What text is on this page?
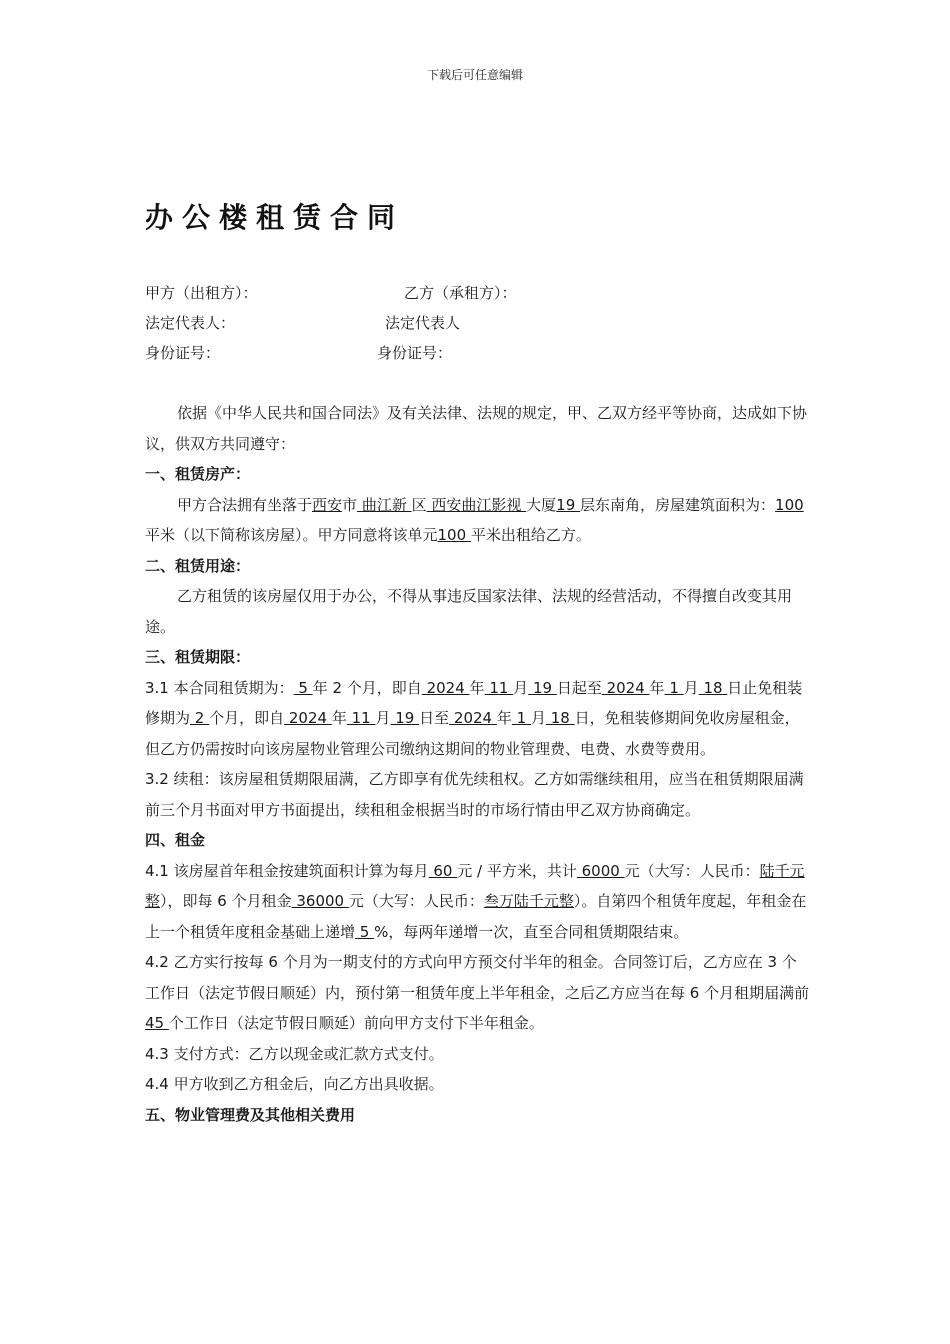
下载后可任意编辑
办公楼租赁合同
甲方（出租方）：	乙方（承租方）：
法定代表人：	法定代表人
身份证号：	身份证号：

依据《中华人民共和国合同法》及有关法律、法规的规定，甲、乙双方经平等协商，达成如下协议，供双方共同遵守：

一、租赁房产：

甲方合法拥有坐落于西安市 曲江新 区 西安曲江影视 大厦19 层东南角，房屋建筑面积为：100 平米（以下简称该房屋）。甲方同意将该单元100 平米出租给乙方。

二、租赁用途：

乙方租赁的该房屋仅用于办公，不得从事违反国家法律、法规的经营活动，不得擅自改变其用途。

三、租赁期限：

3.1 本合同租赁期为： 5 年 2 个月，即自 2024 年 11 月 19 日起至 2024 年 1 月 18 日止免租装修期为 2 个月，即自 2024 年 11 月 19 日至 2024 年 1 月 18 日，免租装修期间免收房屋租金，但乙方仍需按时向该房屋物业管理公司缴纳这期间的物业管理费、电费、水费等费用。

3.2 续租：该房屋租赁期限届满，乙方即享有优先续租权。乙方如需继续租用，应当在租赁期限届满前三个月书面对甲方书面提出，续租租金根据当时的市场行情由甲乙双方协商确定。

四、租金

4.1 该房屋首年租金按建筑面积计算为每月 60 元 / 平方米，共计 6000 元（大写：人民币：陆千元整），即每 6 个月租金 36000 元（大写：人民币：叁万陆千元整）。自第四个租赁年度起，年租金在上一个租赁年度租金基础上递增 5 %，每两年递增一次，直至合同租赁期限结束。

4.2 乙方实行按每 6 个月为一期支付的方式向甲方预交付半年的租金。合同签订后，乙方应在 3 个工作日（法定节假日顺延）内，预付第一租赁年度上半年租金，之后乙方应当在每 6 个月租期届满前45 个工作日（法定节假日顺延）前向甲方支付下半年租金。

4.3 支付方式：乙方以现金或汇款方式支付。

4.4 甲方收到乙方租金后，向乙方出具收据。

五、物业管理费及其他相关费用
